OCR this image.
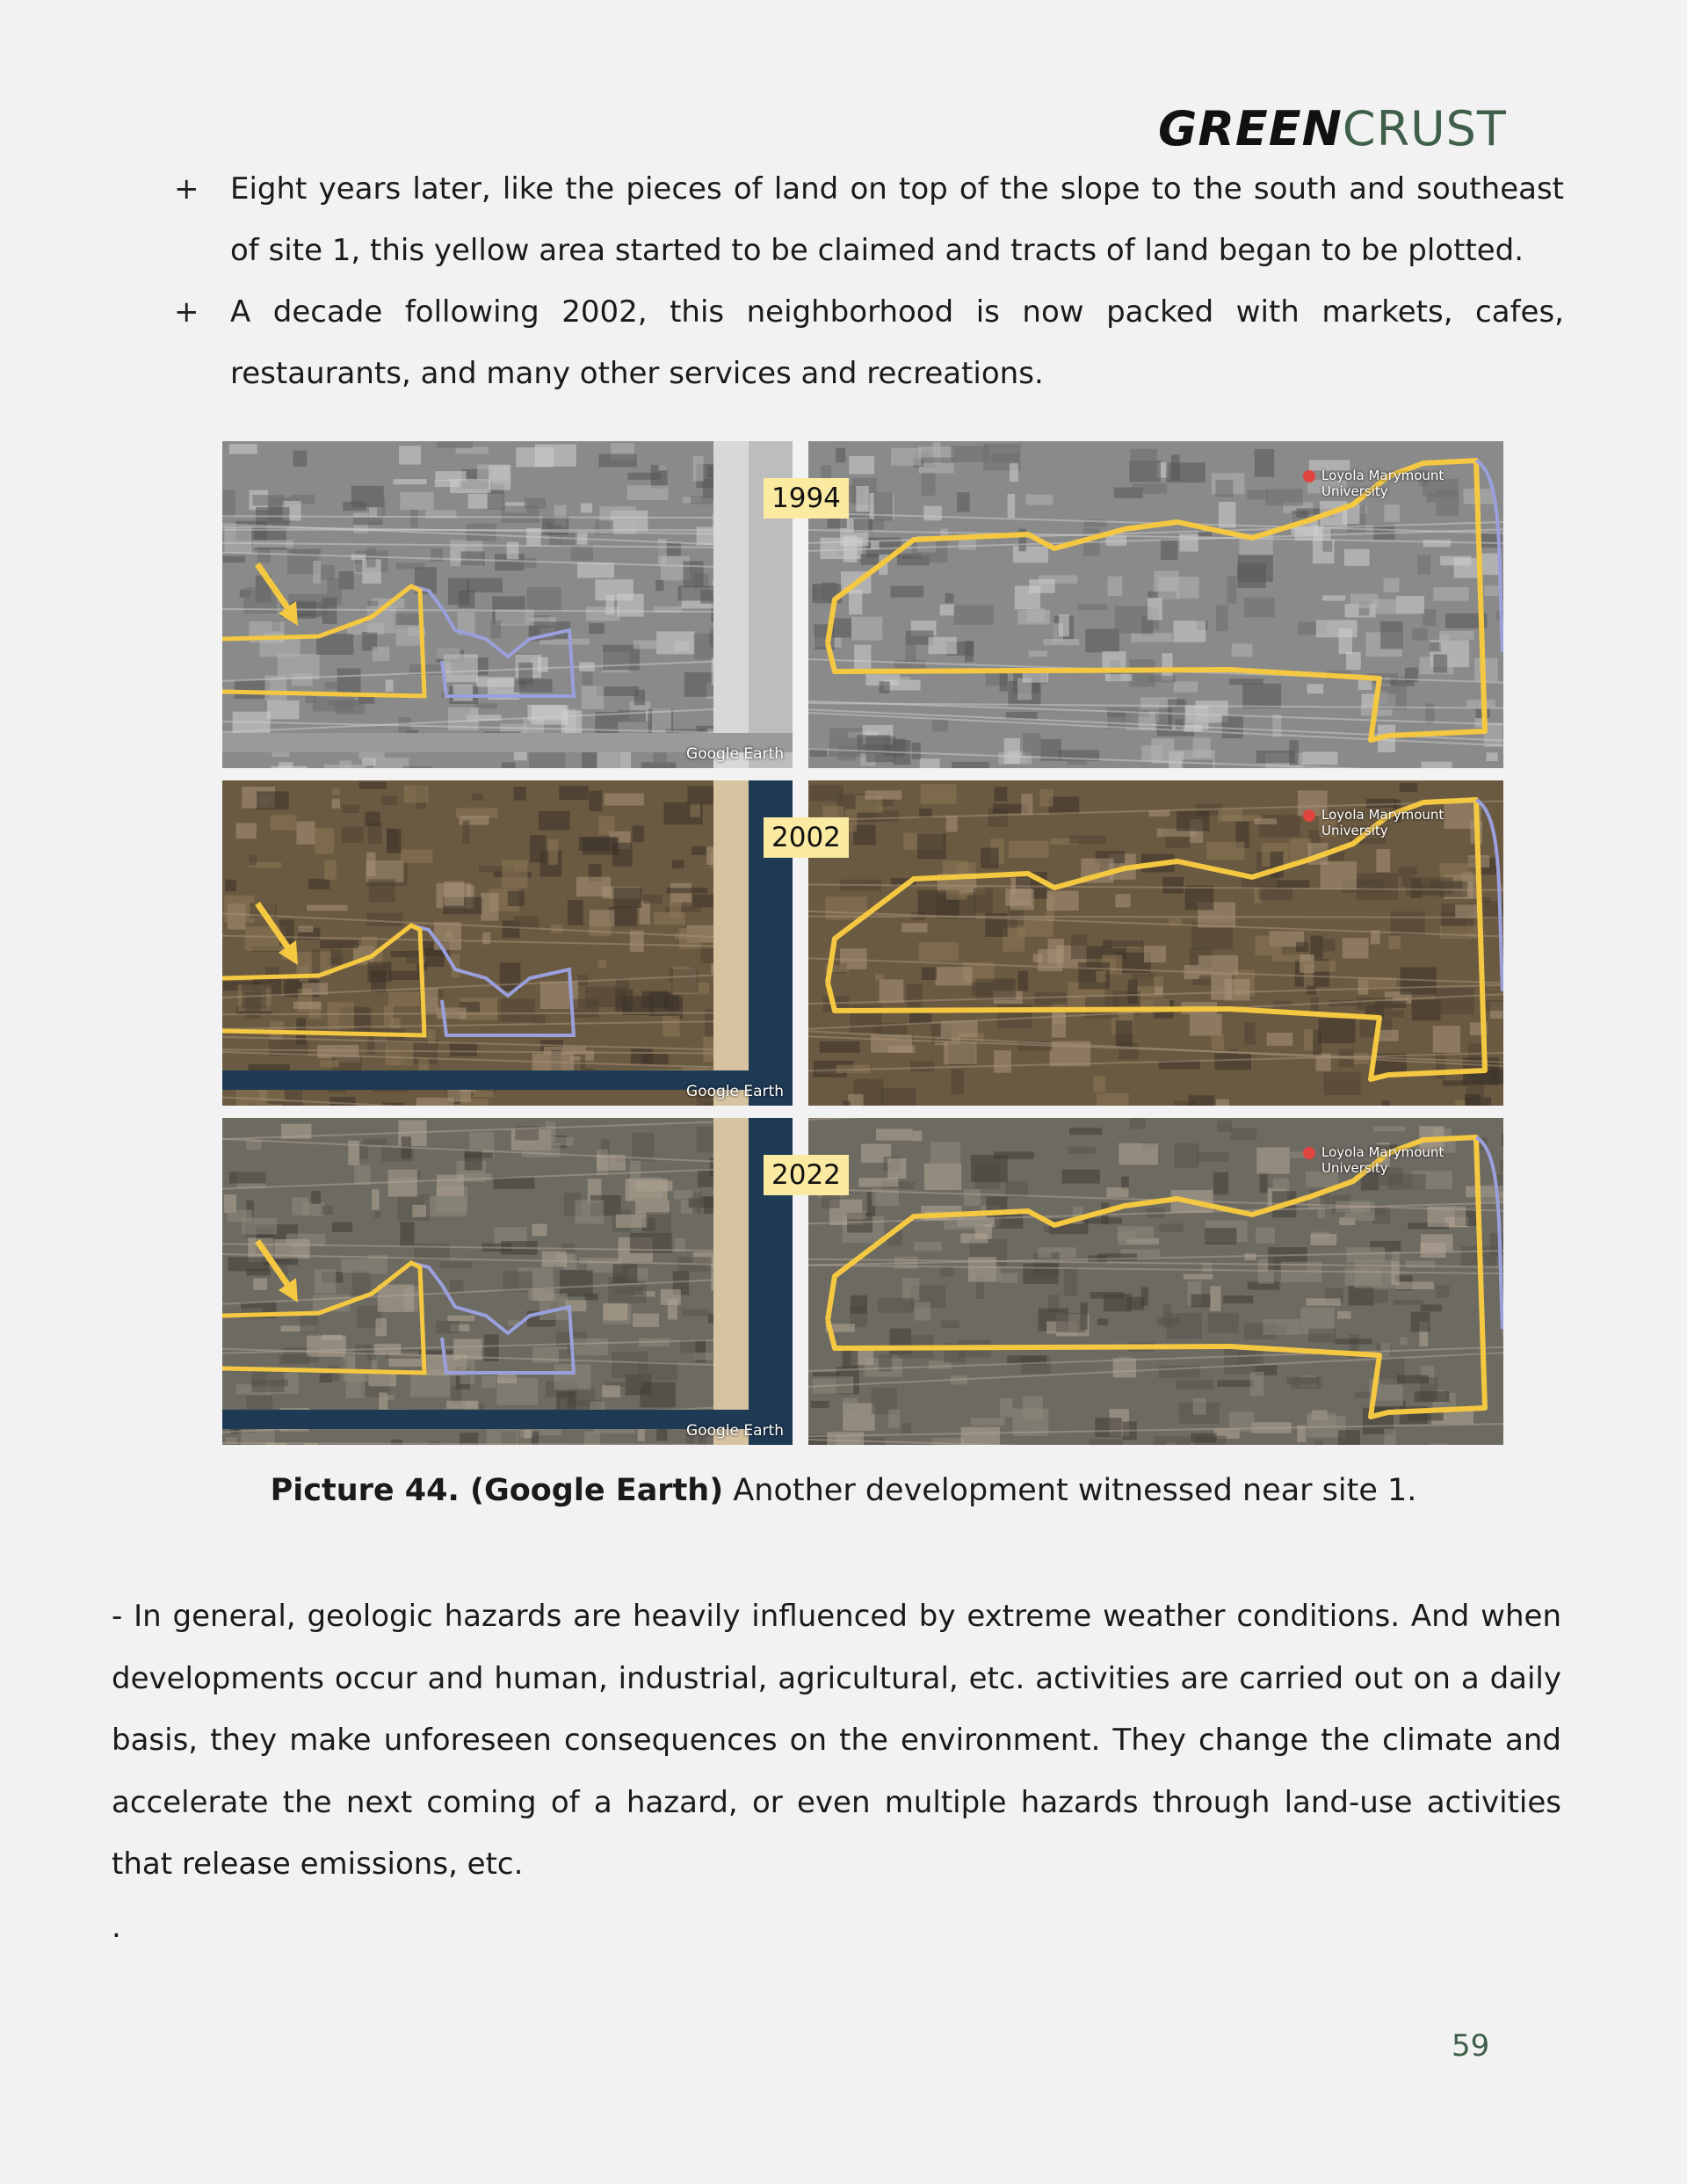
GREENCRUST
+	Eight years later, like the pieces of land on top of the slope to the south and southeast of site 1, this yellow area started to be claimed and tracts of land began to be plotted.
+	A decade following 2002, this neighborhood is now packed with markets, cafes, restaurants, and many other services and recreations.
Google Earth
Loyola Marymount University
1994
Google Earth
Loyola Marymount University
2002
Google Earth
Loyola Marymount University
2022
Picture 44. (Google Earth) Another development witnessed near site 1.
- In general, geologic hazards are heavily influenced by extreme weather conditions. And when developments occur and human, industrial, agricultural, etc. activities are carried out on a daily basis, they make unforeseen consequences on the environment. They change the climate and accelerate the next coming of a hazard, or even multiple hazards through land-use activities that release emissions, etc.
.
59
